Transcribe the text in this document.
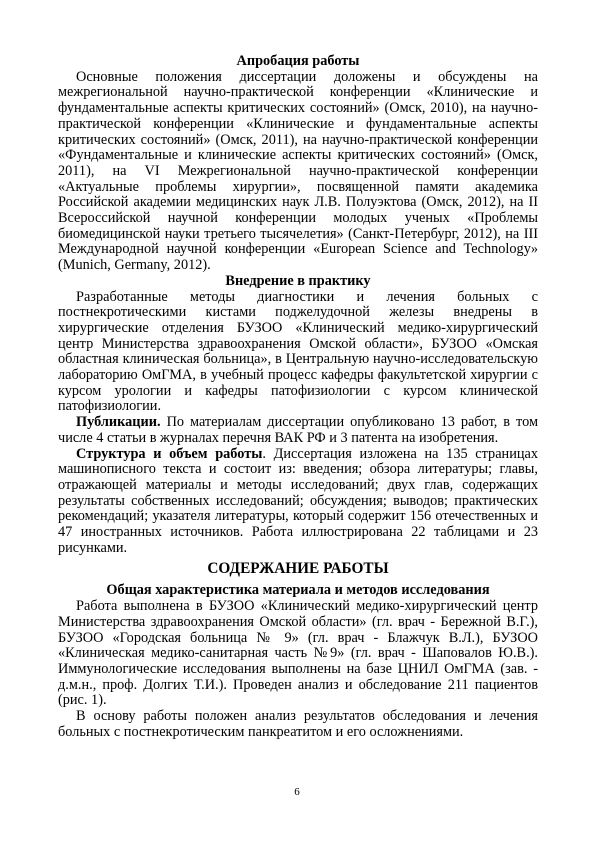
Апробация работы

Основные положения диссертации доложены и обсуждены на межрегиональной научно-практической конференции «Клинические и фундаментальные аспекты критических состояний» (Омск, 2010), на научно-практической конференции «Клинические и фундаментальные аспекты критических состояний» (Омск, 2011), на научно-практической конференции «Фундаментальные и клинические аспекты критических состояний» (Омск, 2011), на VI Межрегиональной научно-практической конференции «Актуальные проблемы хирургии», посвященной памяти академика Российской академии медицинских наук Л.В. Полуэктова (Омск, 2012), на II Всероссийской научной конференции молодых ученых «Проблемы биомедицинской науки третьего тысячелетия» (Санкт-Петербург, 2012), на III Международной научной конференции «European Science and Technology» (Munich, Germany, 2012).

Внедрение в практику

Разработанные методы диагностики и лечения больных с постнекротическими кистами поджелудочной железы внедрены в хирургические отделения БУЗОО «Клинический медико-хирургический центр Министерства здравоохранения Омской области», БУЗОО «Омская областная клиническая больница», в Центральную научно-исследовательскую лабораторию ОмГМА, в учебный процесс кафедры факультетской хирургии с курсом урологии и кафедры патофизиологии с курсом клинической патофизиологии.

Публикации. По материалам диссертации опубликовано 13 работ, в том числе 4 статьи в журналах перечня ВАК РФ и 3 патента на изобретения.

Структура и объем работы. Диссертация изложена на 135 страницах машинописного текста и состоит из: введения; обзора литературы; главы, отражающей материалы и методы исследований; двух глав, содержащих результаты собственных исследований; обсуждения; выводов; практических рекомендаций; указателя литературы, который содержит 156 отечественных и 47 иностранных источников. Работа иллюстрирована 22 таблицами и 23 рисунками.

СОДЕРЖАНИЕ РАБОТЫ
Общая характеристика материала и методов исследования

Работа выполнена в БУЗОО «Клинический медико-хирургический центр Министерства здравоохранения Омской области» (гл. врач - Бережной В.Г.), БУЗОО «Городская больница № 9» (гл. врач - Блажчук В.Л.), БУЗОО «Клиническая медико-санитарная часть №9» (гл. врач - Шаповалов Ю.В.). Иммунологические исследования выполнены на базе ЦНИЛ ОмГМА (зав. - д.м.н., проф. Долгих Т.И.). Проведен анализ и обследование 211 пациентов (рис. 1).

В основу работы положен анализ результатов обследования и лечения больных с постнекротическим панкреатитом и его осложнениями.

6
